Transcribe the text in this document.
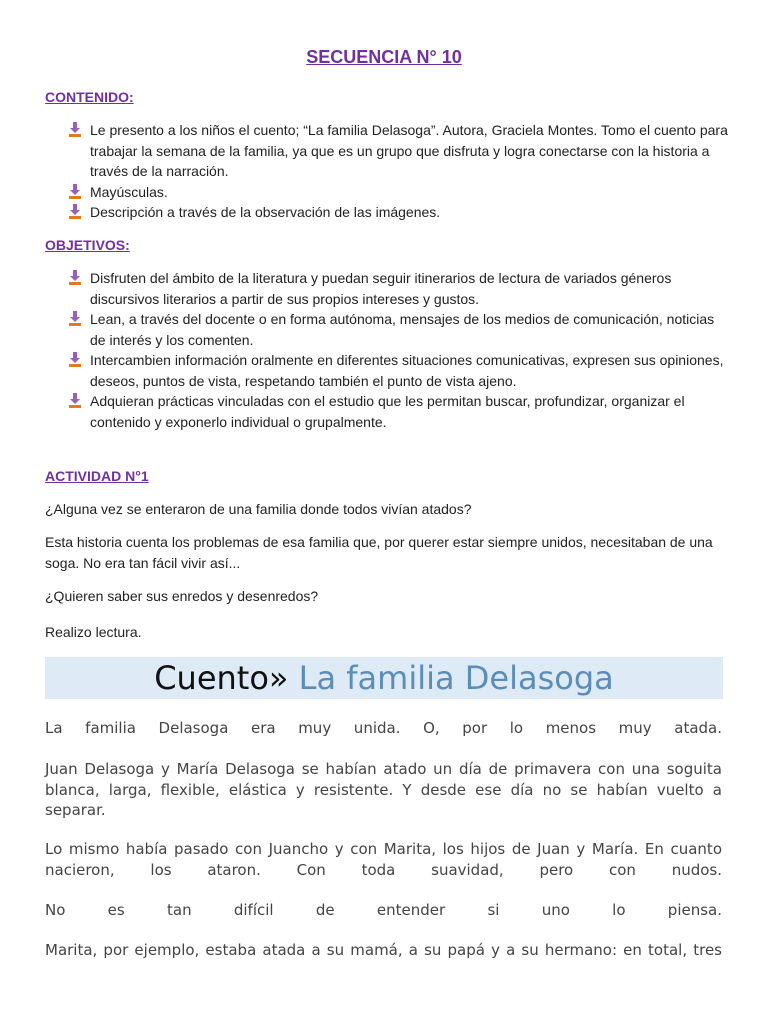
SECUENCIA N° 10
CONTENIDO:
Le presento a los niños el cuento; “La familia Delasoga”. Autora, Graciela Montes. Tomo el cuento para trabajar la semana de la familia, ya que es un grupo que disfruta y logra conectarse con la historia a través de la narración.
Mayúsculas.
Descripción a través de la observación de las imágenes.
OBJETIVOS:
Disfruten del ámbito de la literatura y puedan seguir itinerarios de lectura de variados géneros discursivos literarios a partir de sus propios intereses y gustos.
Lean, a través del docente o en forma autónoma, mensajes de los medios de comunicación, noticias de interés y los comenten.
Intercambien información oralmente en diferentes situaciones comunicativas, expresen sus opiniones, deseos, puntos de vista, respetando también el punto de vista ajeno.
Adquieran prácticas vinculadas con el estudio que les permitan buscar, profundizar, organizar el contenido y exponerlo individual o grupalmente.
ACTIVIDAD N°1

¿Alguna vez se enteraron de una familia donde todos vivían atados?

Esta historia cuenta los problemas de esa familia que, por querer estar siempre unidos, necesitaban de una soga. No era tan fácil vivir así...

¿Quieren saber sus enredos y desenredos?

Realizo lectura.

Cuento» La familia Delasoga

La familia Delasoga era muy unida. O, por lo menos muy atada.

Juan Delasoga y María Delasoga se habían atado un día de primavera con una soguita blanca, larga, flexible, elástica y resistente. Y desde ese día no se habían vuelto a separar.

Lo mismo había pasado con Juancho y con Marita, los hijos de Juan y María. En cuanto nacieron, los ataron. Con toda suavidad, pero con nudos.

No es tan difícil de entender si uno lo piensa.

Marita, por ejemplo, estaba atada a su mamá, a su papá y a su hermano: en total, tres
